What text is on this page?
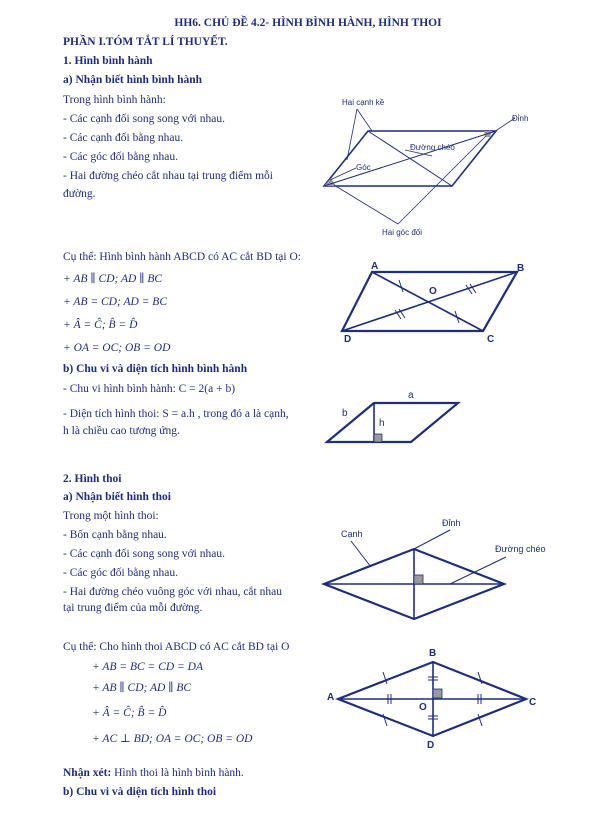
HH6. CHỦ ĐỀ 4.2- HÌNH BÌNH HÀNH, HÌNH THOI
PHẦN I.TÓM TẮT LÍ THUYẾT.
1. Hình bình hành
a) Nhận biết hình bình hành
Trong hình bình hành:
- Các cạnh đối song song với nhau.
- Các cạnh đối bằng nhau.
- Các góc đối bằng nhau.
- Hai đường chéo cắt nhau tại trung điểm mỗi
đường.
Hai cạnh kề
Đỉnh
Đường chéo
Góc
Hai góc đối
Cụ thể: Hình bình hành ABCD có AC cắt BD tại O:
+ AB ∥ CD; AD ∥ BC
+ AB = CD; AD = BC
+ Â = Ĉ; B̂ = D̂
+ OA = OC; OB = OD
A	B
C
D
O
b) Chu vi và diện tích hình bình hành
- Chu vi hình bình hành: C = 2(a + b)
- Diện tích hình thoi: S = a.h , trong đó a là cạnh,
h là chiều cao tương ứng.
a
b
h
2. Hình thoi
a) Nhận biết hình thoi
Trong một hình thoi:
- Bốn cạnh bằng nhau.
- Các cạnh đối song song với nhau.
- Các góc đối bằng nhau.
- Hai đường chéo vuông góc với nhau, cắt nhau
tại trung điểm của mỗi đường.
Cạnh
Đỉnh
Đường chéo
Cụ thể: Cho hình thoi ABCD có AC cắt BD tại O
+ AB = BC = CD = DA
+ AB ∥ CD; AD ∥ BC
+ Â = Ĉ; B̂ = D̂
+ AC ⊥ BD; OA = OC; OB = OD
A
B
C
D
O
Nhận xét: Hình thoi là hình bình hành.
b) Chu vi và diện tích hình thoi
